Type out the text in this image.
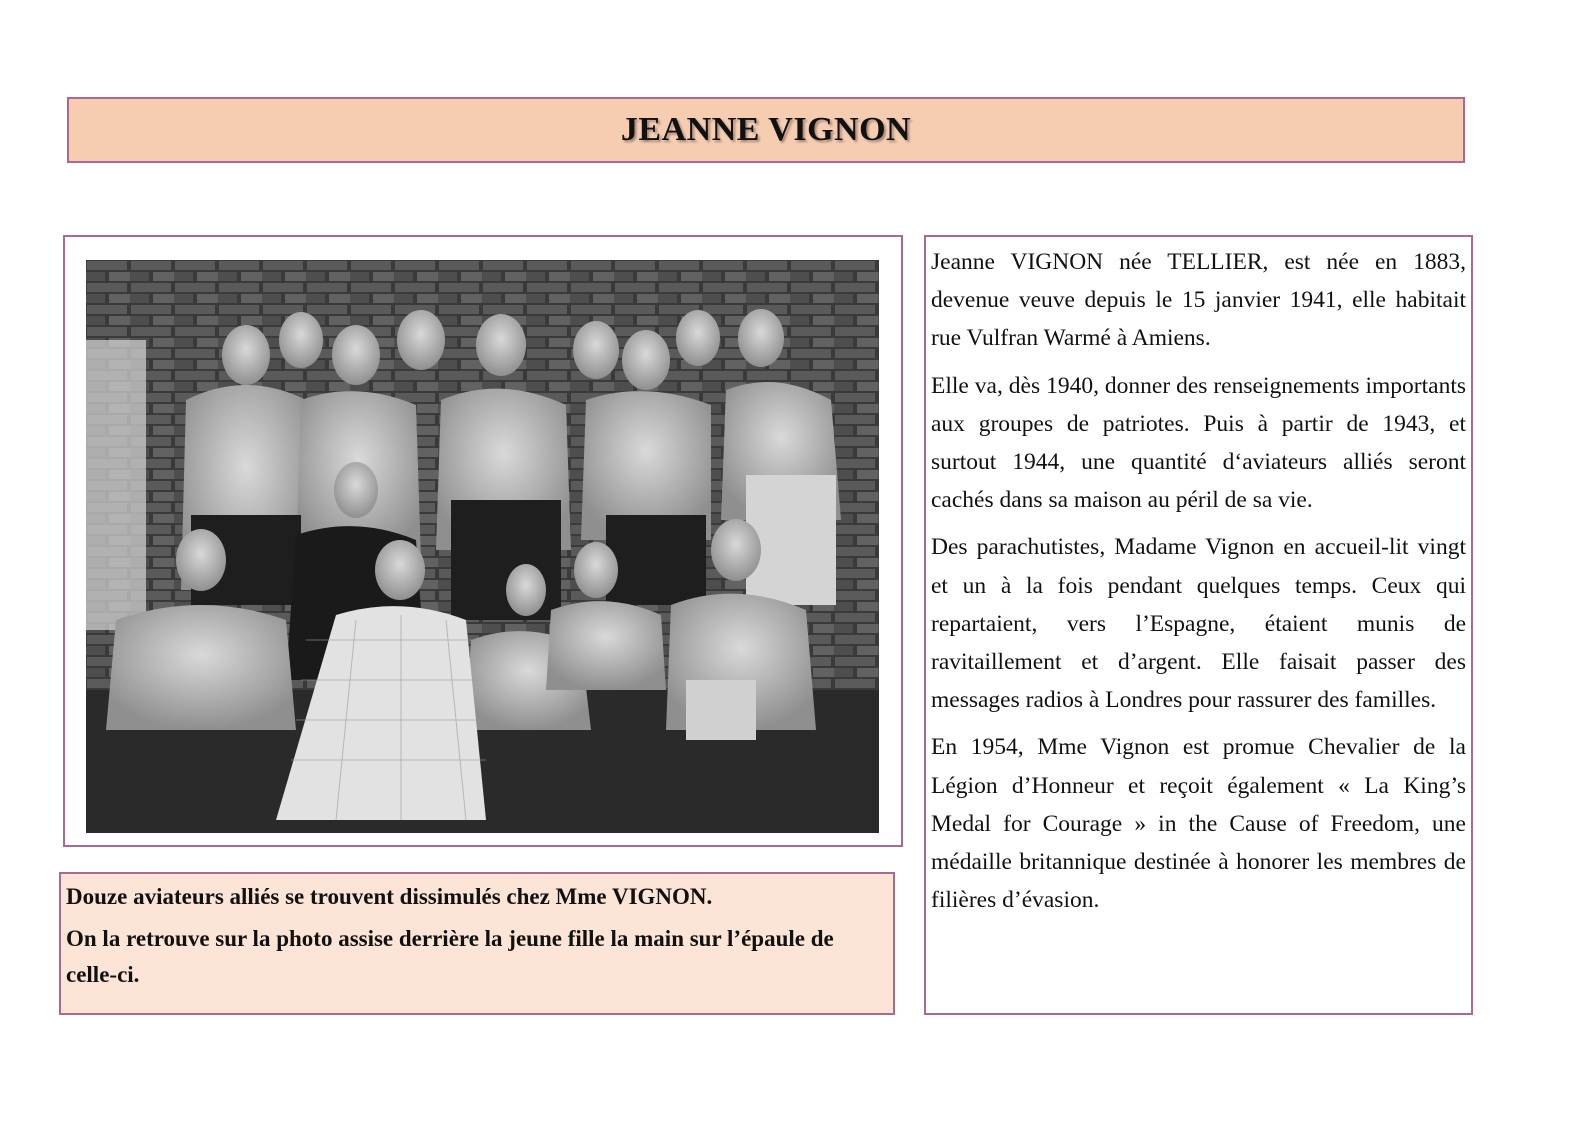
JEANNE VIGNON

Douze aviateurs alliés se trouvent dissimulés chez Mme VIGNON.

On la retrouve sur la photo assise derrière la jeune fille la main sur l’épaule de celle-ci.

Jeanne VIGNON née TELLIER, est née en 1883, devenue veuve depuis le 15 janvier 1941, elle habitait rue Vulfran Warmé à Amiens.

Elle va, dès 1940, donner des renseignements importants aux groupes de patriotes. Puis à partir de 1943, et surtout 1944, une quantité d‘aviateurs alliés seront cachés dans sa maison au péril de sa vie.

Des parachutistes, Madame Vignon en accueil-lit vingt et un à la fois pendant quelques temps. Ceux qui repartaient, vers l’Espagne, étaient munis de ravitaillement et d’argent. Elle faisait passer des messages radios à Londres pour rassurer des familles.

En 1954, Mme Vignon est promue Chevalier de la Légion d’Honneur et reçoit également « La King’s Medal for Courage » in the Cause of Freedom, une médaille britannique destinée à honorer les membres de filières d’évasion.
